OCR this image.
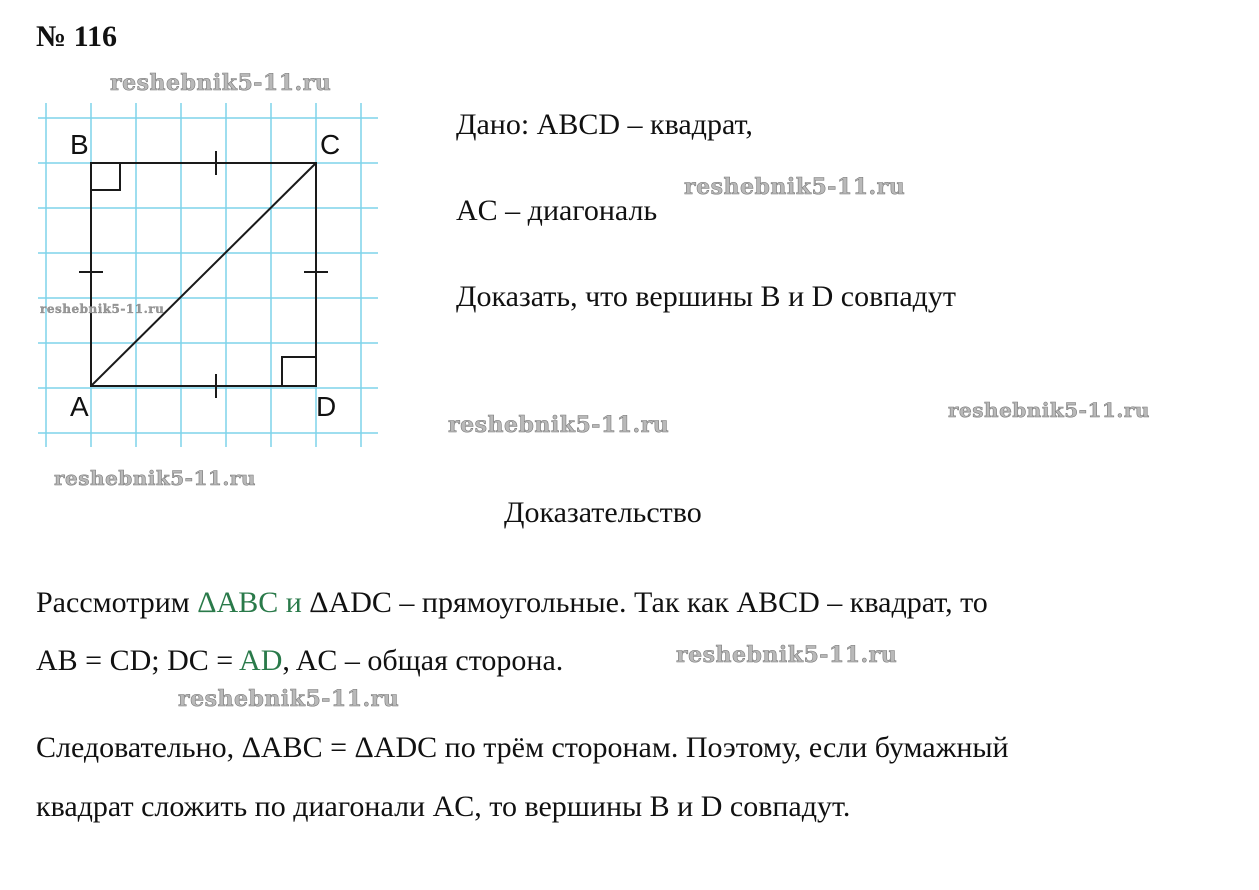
№ 116
B	C
A	D
reshebnik5-11.ru
reshebnik5-11.ru
reshebnik5-11.ru
reshebnik5-11.ru
reshebnik5-11.ru
reshebnik5-11.ru
reshebnik5-11.ru
reshebnik5-11.ru
Дано: ABCD – квадрат,
AC – диагональ
Доказать, что вершины B и D совпадут
Доказательство
Рассмотрим ΔABC и ΔADC – прямоугольные. Так как ABCD – квадрат, то
AB = CD; DC = AD, AC – общая сторона.
Следовательно, ΔABC = ΔADC по трём сторонам. Поэтому, если бумажный
квадрат сложить по диагонали AC, то вершины B и D совпадут.
